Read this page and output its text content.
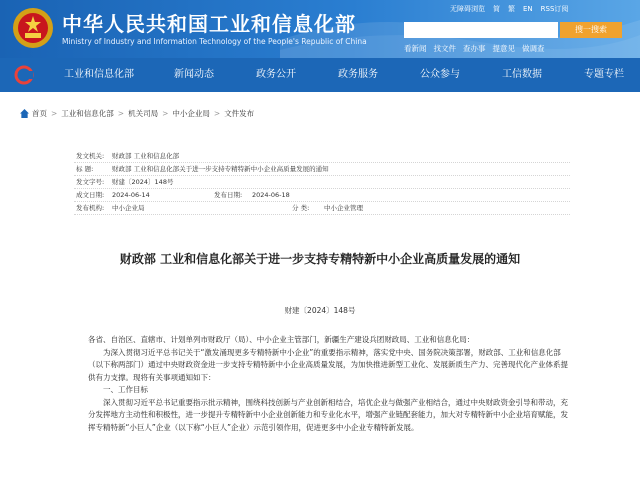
中华人民共和国工业和信息化部
Ministry of Industry and Information Technology of the People's Republic of China
无障碍浏览 简 繁 EN RSS订阅
搜一搜索
看新闻 找文件 查办事 提意见 做调查
工业和信息化部	新闻动态	政务公开	政务服务	公众参与	工信数据	专题专栏
首页 > 工业和信息化部 > 机关司局 > 中小企业局 > 文件发布
发文机关: 财政部 工业和信息化部
标 题:	财政部 工业和信息化部关于进一步支持专精特新中小企业高质量发展的通知
发文字号: 财建〔2024〕148号
成文日期: 2024-06-14	发布日期: 2024-06-18
发布机构: 中小企业局	分 类: 中小企业管理
财政部 工业和信息化部关于进一步支持专精特新中小企业高质量发展的通知
财建〔2024〕148号

各省、自治区、直辖市、计划单列市财政厅（局）、中小企业主管部门，新疆生产建设兵团财政局、工业和信息化局：

为深入贯彻习近平总书记关于“激发涌现更多专精特新中小企业”的重要指示精神，落实党中央、国务院决策部署，财政部、工业和信息化部（以下称两部门）通过中央财政资金进一步支持专精特新中小企业高质量发展，为加快推进新型工业化、发展新质生产力、完善现代化产业体系提供有力支撑。现将有关事项通知如下：

一、工作目标

深入贯彻习近平总书记重要指示批示精神，围绕科技创新与产业创新相结合，培优企业与做强产业相结合，通过中央财政资金引导和带动，充分发挥地方主动性和积极性，进一步提升专精特新中小企业创新能力和专业化水平，增强产业链配套能力，加大对专精特新中小企业培育赋能，发挥专精特新“小巨人”企业（以下称“小巨人”企业）示范引领作用，促进更多中小企业专精特新发展。
